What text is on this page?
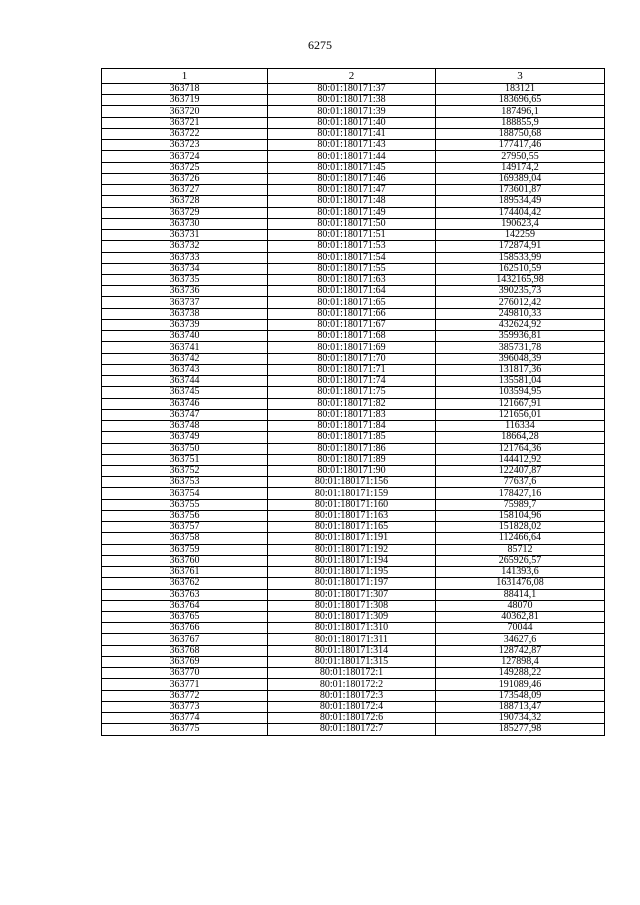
6275
1	2	3
363718	80:01:180171:37	183121
363719	80:01:180171:38	183696,65
363720	80:01:180171:39	187496,1
363721	80:01:180171:40	188855,9
363722	80:01:180171:41	188750,68
363723	80:01:180171:43	177417,46
363724	80:01:180171:44	27950,55
363725	80:01:180171:45	149174,2
363726	80:01:180171:46	169389,04
363727	80:01:180171:47	173601,87
363728	80:01:180171:48	189534,49
363729	80:01:180171:49	174404,42
363730	80:01:180171:50	190623,4
363731	80:01:180171:51	142259
363732	80:01:180171:53	172874,91
363733	80:01:180171:54	158533,99
363734	80:01:180171:55	162510,59
363735	80:01:180171:63	1432165,98
363736	80:01:180171:64	390235,73
363737	80:01:180171:65	276012,42
363738	80:01:180171:66	249810,33
363739	80:01:180171:67	432624,92
363740	80:01:180171:68	359936,81
363741	80:01:180171:69	385731,78
363742	80:01:180171:70	396048,39
363743	80:01:180171:71	131817,36
363744	80:01:180171:74	135581,04
363745	80:01:180171:75	103594,95
363746	80:01:180171:82	121667,91
363747	80:01:180171:83	121656,01
363748	80:01:180171:84	116334
363749	80:01:180171:85	18664,28
363750	80:01:180171:86	121764,36
363751	80:01:180171:89	144412,92
363752	80:01:180171:90	122407,87
363753	80:01:180171:156	77637,6
363754	80:01:180171:159	178427,16
363755	80:01:180171:160	75989,7
363756	80:01:180171:163	158104,96
363757	80:01:180171:165	151828,02
363758	80:01:180171:191	112466,64
363759	80:01:180171:192	85712
363760	80:01:180171:194	265926,57
363761	80:01:180171:195	141393,6
363762	80:01:180171:197	1631476,08
363763	80:01:180171:307	88414,1
363764	80:01:180171:308	48070
363765	80:01:180171:309	40362,81
363766	80:01:180171:310	70044
363767	80:01:180171:311	34627,6
363768	80:01:180171:314	128742,87
363769	80:01:180171:315	127898,4
363770	80:01:180172:1	149288,22
363771	80:01:180172:2	191089,46
363772	80:01:180172:3	173548,09
363773	80:01:180172:4	188713,47
363774	80:01:180172:6	190734,32
363775	80:01:180172:7	185277,98
